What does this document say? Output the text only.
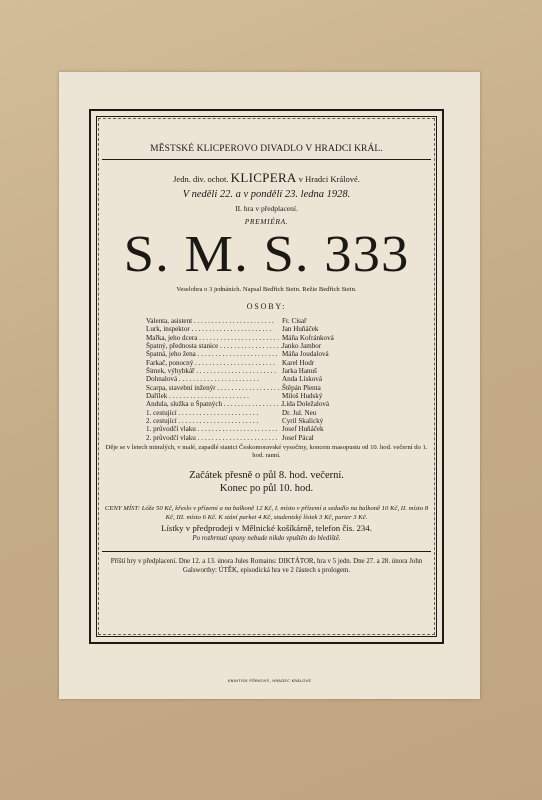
MĚSTSKÉ KLICPEROVO DIVADLO V HRADCI KRÁL.
Jedn. div. ochot. KLICPERA v Hradci Králové.
V neděli 22. a v pondělí 23. ledna 1928.
II. hra v předplacení.
PREMIÉRA.
S. M. S. 333
Veselohra o 3 jednáních. Napsal Bedřich Stein. Režie Bedřich Stein.
OSOBY:
Valenta, asistent . . .	Fr. Císař
Lurk, inspektor . . .	Jan Huňáček
Mařka, jeho dcera . . .	Máňa Kofránková
Špatný, přednosta stanice . . .	Janko Jambor
Špatná, jeho žena . . .	Máňa Joudalová
Farkač, ponocný . . .	Karel Hodr
Šimek, výhybkář . . .	Jarka Hanuš
Dohnalová . . .	Anda Lísková
Scarpa, stavební inženýr . . .	Štěpán Plenta
Dařílek . . .	Miloš Hudský
Andula, služka u Špatných . . .	Lída Doležalová
1. cestující . . .	Dr. Jul. Neu
2. cestující . . .	Cyril Skalický
1. průvodčí vlaku . . .	Josef Huňáček
2. průvodčí vlaku . . .	Josef Pácal
Děje se v letech minulých, v malé, zapadlé stanici Českomoravské vysočiny, koncem masopustu od 10. hod. večerní do 1. hod. ranní.
Začátek přesně o půl 8. hod. večerní.
Konec po půl 10. hod.
CENY MÍST: Lóže 50 Kč, křeslo v přízemí a na balkoně 12 Kč, I. místo v přízemí a sedadlo na balkoně 10 Kč, II. místo 8 Kč, III. místo 6 Kč. K stání parket 4 Kč, studentský lístek 3 Kč, parter 3 Kč.
Lístky v předprodeji v Mělnické košíkárně, telefon čís. 234.
Po rozhrnutí opony nebude nikdo vpuštěn do hlediště.
Příští hry v předplacení. Dne 12. a 13. února Jules Romains: DIKTÁTOR, hra v 5 jedn. Dne 27. a 28. února John Galsworthy: ÚTĚK, episodická hra ve 2 částech s prologem.
KNIHTISK PŮRKOVÝ, HRADEC KRÁLOVÉ
